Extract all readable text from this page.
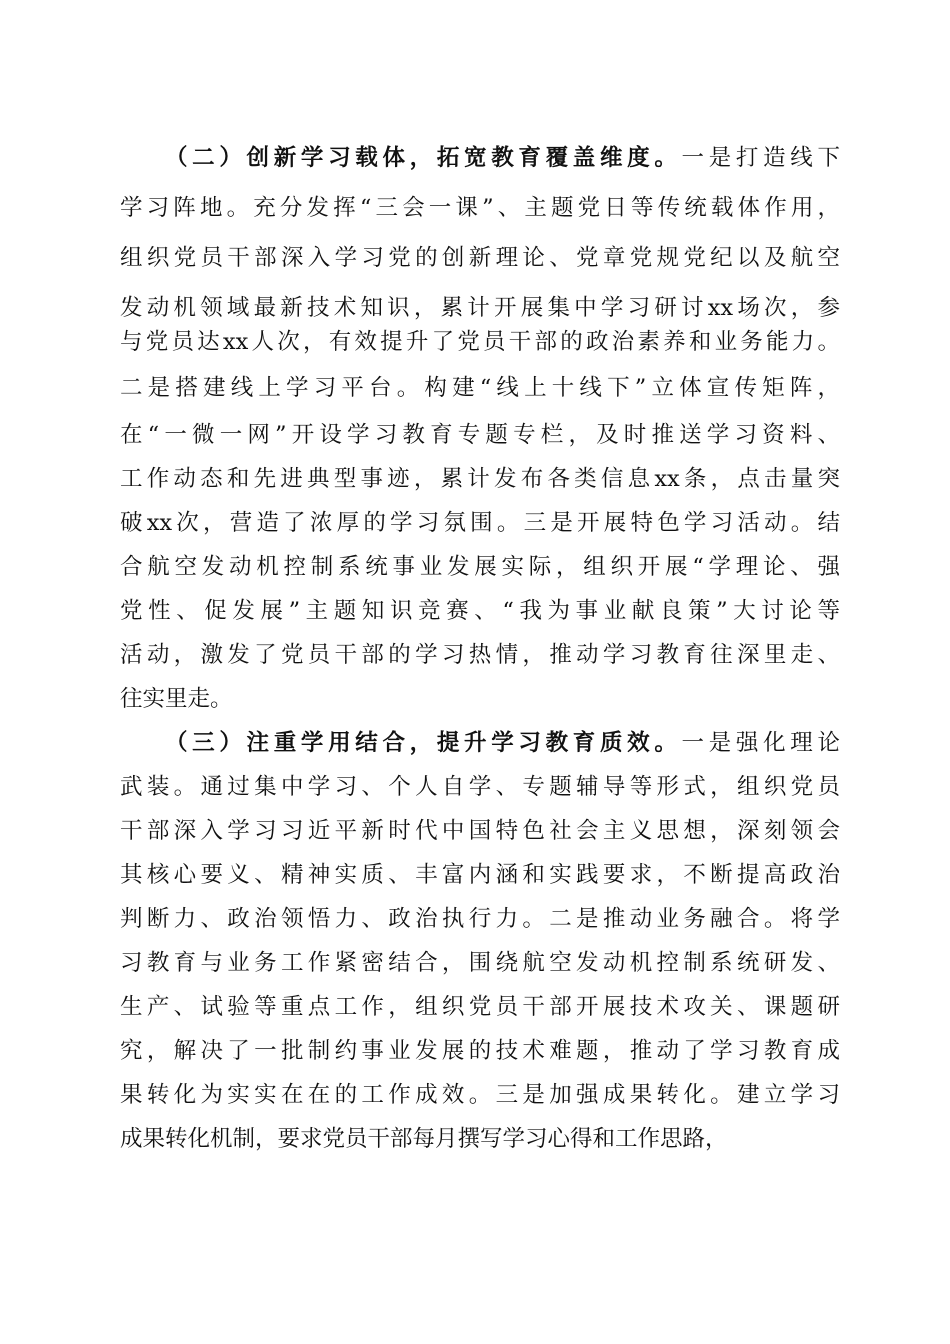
（二）创新学习载体，拓宽教育覆盖维度。一是打造线下
学习阵地。充分发挥“三会一课”、主题党日等传统载体作用，
组织党员干部深入学习党的创新理论、党章党规党纪以及航空
发动机领域最新技术知识，累计开展集中学习研讨xx场次，参
与党员达xx人次，有效提升了党员干部的政治素养和业务能力。
二是搭建线上学习平台。构建“线上十线下”立体宣传矩阵，
在“一微一网”开设学习教育专题专栏，及时推送学习资料、
工作动态和先进典型事迹，累计发布各类信息xx条，点击量突
破xx次，营造了浓厚的学习氛围。三是开展特色学习活动。结
合航空发动机控制系统事业发展实际，组织开展“学理论、强
党性、促发展”主题知识竞赛、“我为事业献良策”大讨论等
活动，激发了党员干部的学习热情，推动学习教育往深里走、
往实里走。
（三）注重学用结合，提升学习教育质效。一是强化理论
武装。通过集中学习、个人自学、专题辅导等形式，组织党员
干部深入学习习近平新时代中国特色社会主义思想，深刻领会
其核心要义、精神实质、丰富内涵和实践要求，不断提高政治
判断力、政治领悟力、政治执行力。二是推动业务融合。将学
习教育与业务工作紧密结合，围绕航空发动机控制系统研发、
生产、试验等重点工作，组织党员干部开展技术攻关、课题研
究，解决了一批制约事业发展的技术难题，推动了学习教育成
果转化为实实在在的工作成效。三是加强成果转化。建立学习
成果转化机制，要求党员干部每月撰写学习心得和工作思路，
